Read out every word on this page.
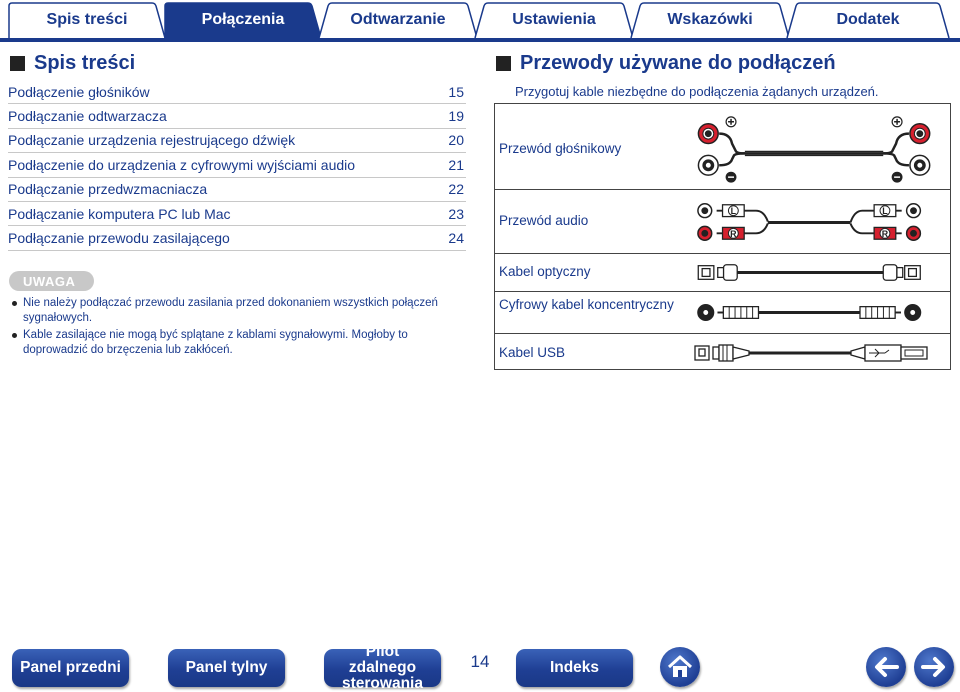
Spis treści	Połączenia	Odtwarzanie	Ustawienia	Wskazówki	Dodatek
Spis treści
Podłączenie głośników	15
Podłączanie odtwarzacza	19
Podłączanie urządzenia rejestrującego dźwięk	20
Podłączenie do urządzenia z cyfrowymi wyjściami audio	21
Podłączanie przedwzmacniacza	22
Podłączanie komputera PC lub Mac	23
Podłączanie przewodu zasilającego	24
UWAGA
Nie należy podłączać przewodu zasilania przed dokonaniem wszystkich połączeń sygnałowych.
Kable zasilające nie mogą być splątane z kablami sygnałowymi. Mogłoby to doprowadzić do brzęczenia lub zakłóceń.
Przewody używane do podłączeń
Przygotuj kable niezbędne do podłączenia żądanych urządzeń.
Przewód głośnikowy
Przewód audio
L
R
L
R
Kabel optyczny
Cyfrowy kabel koncentryczny
Kabel USB
Panel przedni	Panel tylny
Pilot zdalnego sterowania
14	Indeks
